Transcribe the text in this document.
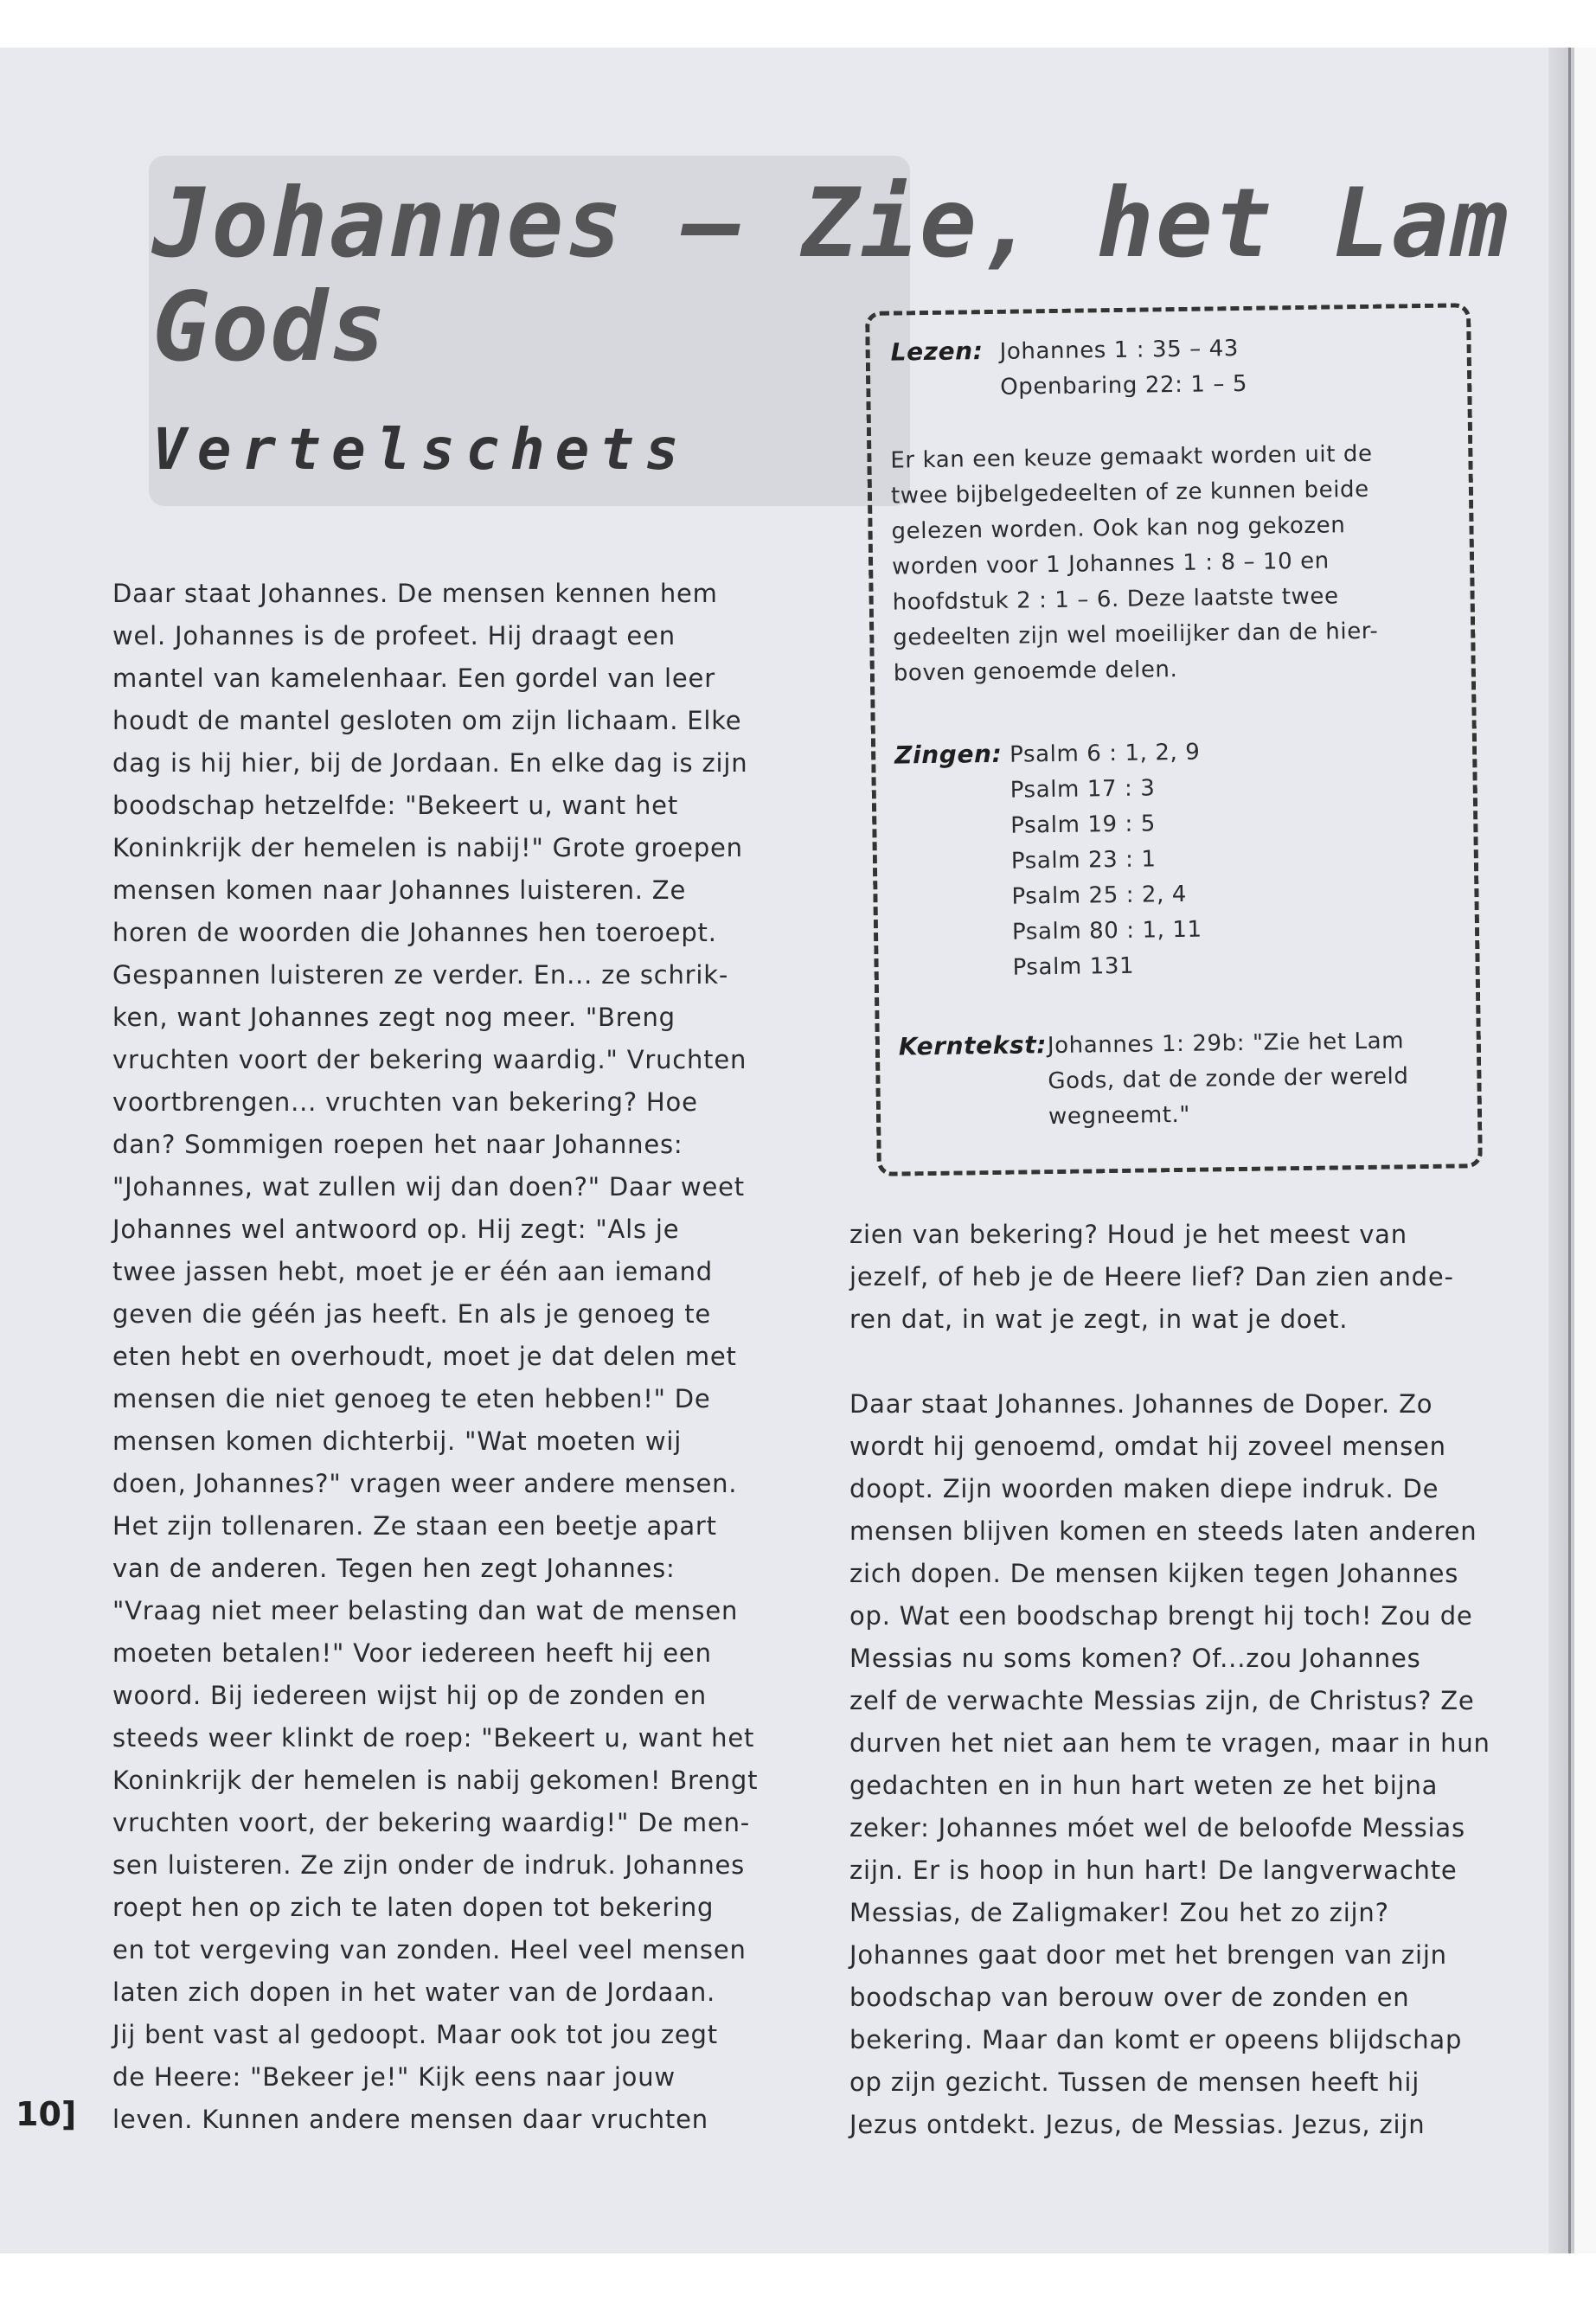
Johannes – Zie, het Lam
Gods
Vertelschets
Lezen: Johannes 1 : 35 – 43
Openbaring 22: 1 – 5
Er kan een keuze gemaakt worden uit de
twee bijbelgedeelten of ze kunnen beide
gelezen worden. Ook kan nog gekozen
worden voor 1 Johannes 1 : 8 – 10 en
hoofdstuk 2 : 1 – 6. Deze laatste twee
gedeelten zijn wel moeilijker dan de hier-
boven genoemde delen.
Zingen: Psalm 6 : 1, 2, 9
Psalm 17 : 3
Psalm 19 : 5
Psalm 23 : 1
Psalm 25 : 2, 4
Psalm 80 : 1, 11
Psalm 131
Kerntekst: Johannes 1: 29b: "Zie het Lam
Gods, dat de zonde der wereld
wegneemt."
Daar staat Johannes. De mensen kennen hem
wel. Johannes is de profeet. Hij draagt een
mantel van kamelenhaar. Een gordel van leer
houdt de mantel gesloten om zijn lichaam. Elke
dag is hij hier, bij de Jordaan. En elke dag is zijn
boodschap hetzelfde: "Bekeert u, want het
Koninkrijk der hemelen is nabij!" Grote groepen
mensen komen naar Johannes luisteren. Ze
horen de woorden die Johannes hen toeroept.
Gespannen luisteren ze verder. En... ze schrik-
ken, want Johannes zegt nog meer. "Breng
vruchten voort der bekering waardig." Vruchten
voortbrengen... vruchten van bekering? Hoe
dan? Sommigen roepen het naar Johannes:
"Johannes, wat zullen wij dan doen?" Daar weet
Johannes wel antwoord op. Hij zegt: "Als je
twee jassen hebt, moet je er één aan iemand
geven die géén jas heeft. En als je genoeg te
eten hebt en overhoudt, moet je dat delen met
mensen die niet genoeg te eten hebben!" De
mensen komen dichterbij. "Wat moeten wij
doen, Johannes?" vragen weer andere mensen.
Het zijn tollenaren. Ze staan een beetje apart
van de anderen. Tegen hen zegt Johannes:
"Vraag niet meer belasting dan wat de mensen
moeten betalen!" Voor iedereen heeft hij een
woord. Bij iedereen wijst hij op de zonden en
steeds weer klinkt de roep: "Bekeert u, want het
Koninkrijk der hemelen is nabij gekomen! Brengt
vruchten voort, der bekering waardig!" De men-
sen luisteren. Ze zijn onder de indruk. Johannes
roept hen op zich te laten dopen tot bekering
en tot vergeving van zonden. Heel veel mensen
laten zich dopen in het water van de Jordaan.
Jij bent vast al gedoopt. Maar ook tot jou zegt
de Heere: "Bekeer je!" Kijk eens naar jouw
leven. Kunnen andere mensen daar vruchten
zien van bekering? Houd je het meest van
jezelf, of heb je de Heere lief? Dan zien ande-
ren dat, in wat je zegt, in wat je doet.
Daar staat Johannes. Johannes de Doper. Zo
wordt hij genoemd, omdat hij zoveel mensen
doopt. Zijn woorden maken diepe indruk. De
mensen blijven komen en steeds laten anderen
zich dopen. De mensen kijken tegen Johannes
op. Wat een boodschap brengt hij toch! Zou de
Messias nu soms komen? Of...zou Johannes
zelf de verwachte Messias zijn, de Christus? Ze
durven het niet aan hem te vragen, maar in hun
gedachten en in hun hart weten ze het bijna
zeker: Johannes móet wel de beloofde Messias
zijn. Er is hoop in hun hart! De langverwachte
Messias, de Zaligmaker! Zou het zo zijn?
Johannes gaat door met het brengen van zijn
boodschap van berouw over de zonden en
bekering. Maar dan komt er opeens blijdschap
op zijn gezicht. Tussen de mensen heeft hij
Jezus ontdekt. Jezus, de Messias. Jezus, zijn
10]
